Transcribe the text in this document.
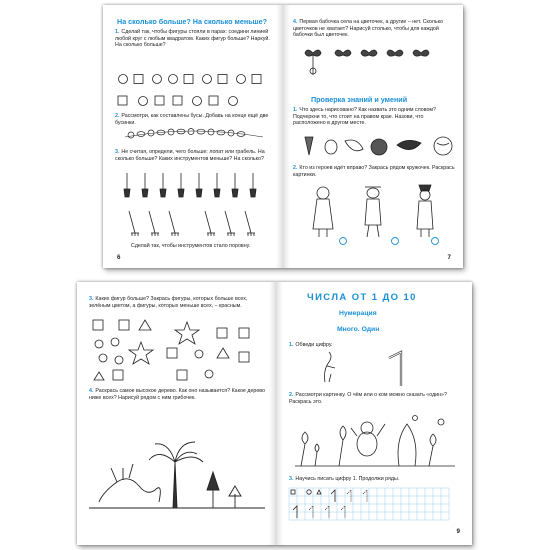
На сколько больше? На сколько меньше?
1. Сделай так, чтобы фигуры стояли в парах: соедини линией любой круг с любым квадратом. Каких фигур больше? Наркуй. На сколько больше?
2. Рассмотри, как составлены бусы. Добавь на конце ещё две бусинки.
3. Не считая, определи, чего больше: лопат или грабель. На сколько больше? Каких инструментов меньше? На сколько?
Сделай так, чтобы инструментов стало поровну.
6
4. Первая бабочка села на цветочек, а другие – нет. Сколько цветочков не хватает? Нарисуй столько, чтобы для каждой бабочки был цветочек.
Проверка знаний и умений
1. Что здесь нарисовано? Как назвать это одним словом? Подчеркни то, что стоит на правом крае. Назови, что расположено в другом месте.
2. Кто из героев идёт вправо? Закрась рядом кружочек. Раскрась картинки.
7
3. Каких фигур больше? Закрась фигуры, которых больше всех, зелёным цветом, а фигуры, которых меньше всех, – красным.
4. Раскрась самое высокое дерево. Как оно называется? Какое дерево ниже всех? Нарисуй рядом с ним грибочек.
ЧИСЛА ОТ 1 ДО 10
Нумерация
Много. Один
1. Обведи цифру.
2. Рассмотри картинку. О чём или о ком можно сказать «один»? Раскрась это.
3. Научись писать цифру 1. Продолжи ряды.
9
